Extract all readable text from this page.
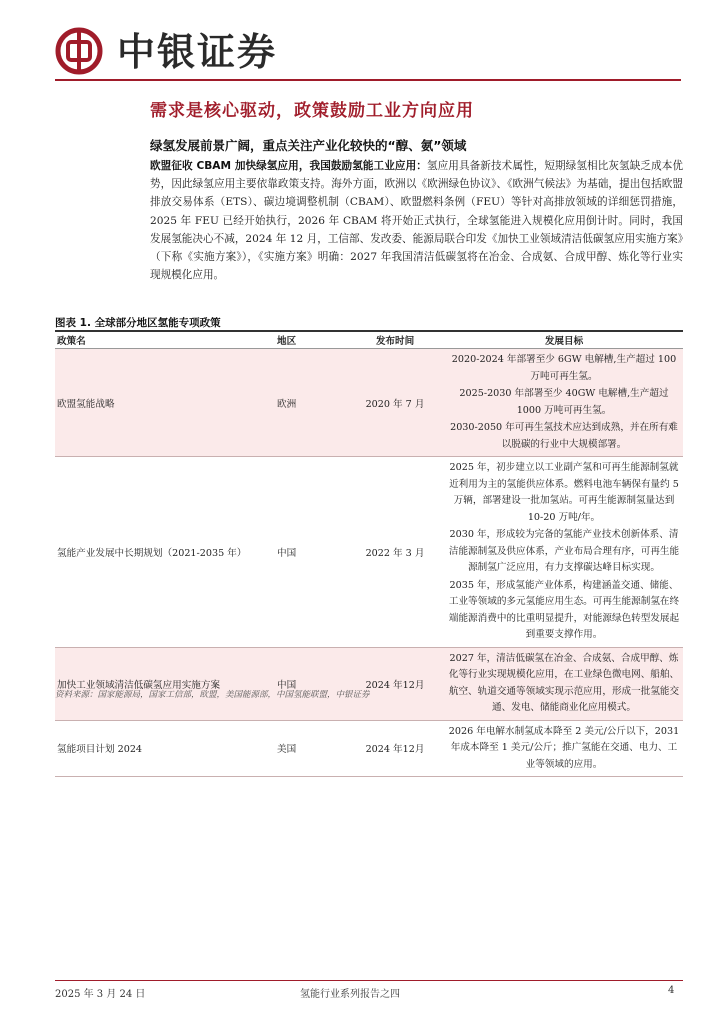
中银证券
需求是核心驱动，政策鼓励工业方向应用
绿氢发展前景广阔，重点关注产业化较快的“醇、氨”领域
欧盟征收 CBAM 加快绿氢应用，我国鼓励氢能工业应用：氢应用具备新技术属性，短期绿氢相比灰氢缺乏成本优势，因此绿氢应用主要依靠政策支持。海外方面，欧洲以《欧洲绿色协议》、《欧洲气候法》为基础，提出包括欧盟排放交易体系（ETS）、碳边境调整机制（CBAM）、欧盟燃料条例（FEU）等针对高排放领域的详细惩罚措施，2025 年 FEU 已经开始执行，2026 年 CBAM 将开始正式执行，全球氢能进入规模化应用倒计时。同时，我国发展氢能决心不减，2024 年 12 月，工信部、发改委、能源局联合印发《加快工业领域清洁低碳氢应用实施方案》（下称《实施方案》），《实施方案》明确：2027 年我国清洁低碳氢将在冶金、合成氨、合成甲醇、炼化等行业实现规模化应用。
图表 1. 全球部分地区氢能专项政策
政策名	地区	发布时间	发展目标
欧盟氢能战略	欧洲	2020 年 7 月	2020-2024 年部署至少 6GW 电解槽,生产超过 100 万吨可再生氢。
2025-2030 年部署至少 40GW 电解槽,生产超过 1000 万吨可再生氢。
2030-2050 年可再生氢技术应达到成熟，并在所有难以脱碳的行业中大规模部署。

氢能产业发展中长期规划（2021-2035 年）	中国	2022 年 3 月	2025 年，初步建立以工业副产氢和可再生能源制氢就近利用为主的氢能供应体系。燃料电池车辆保有量约 5 万辆，部署建设一批加氢站。可再生能源制氢量达到 10-20 万吨/年。
2030 年，形成较为完备的氢能产业技术创新体系、清洁能源制氢及供应体系，产业布局合理有序，可再生能源制氢广泛应用，有力支撑碳达峰目标实现。
2035 年，形成氢能产业体系，构建涵盖交通、储能、工业等领域的多元氢能应用生态。可再生能源制氢在终端能源消费中的比重明显提升，对能源绿色转型发展起到重要支撑作用。

加快工业领域清洁低碳氢应用实施方案	中国	2024 年12月	2027 年，清洁低碳氢在冶金、合成氨、合成甲醇、炼化等行业实现规模化应用，在工业绿色微电网、船舶、航空、轨道交通等领域实现示范应用，形成一批氢能交通、发电、储能商业化应用模式。

氢能项目计划 2024	美国	2024 年12月	2026 年电解水制氢成本降至 2 美元/公斤以下，2031 年成本降至 1 美元/公斤；推广氢能在交通、电力、工业等领域的应用。
资料来源：国家能源局，国家工信部，欧盟，美国能源部，中国氢能联盟，中银证券
2025 年 3 月 24 日	氢能行业系列报告之四	4
